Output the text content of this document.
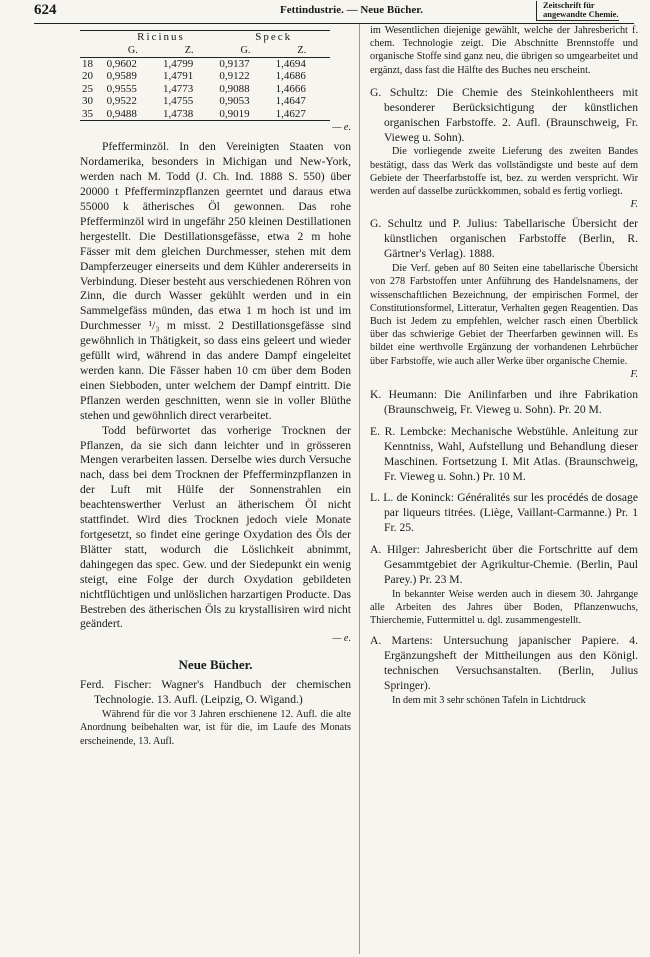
624	Fettindustrie. — Neue Bücher.	Zeitschrift für
angewandte Chemie.
	Ricinus		Speck	
	G.	Z.	G.	Z.
18	0,9602	1,4799	0,9137	1,4694
20	0,9589	1,4791	0,9122	1,4686
25	0,9555	1,4773	0,9088	1,4666
30	0,9522	1,4755	0,9053	1,4647
35	0,9488	1,4738	0,9019	1,4627

— e.

Pfefferminzöl. In den Vereinigten Staaten von Nordamerika, besonders in Michigan und New-York, werden nach M. Todd (J. Ch. Ind. 1888 S. 550) über 20000 t Pfefferminzpflanzen geerntet und daraus etwa 55000 k ätherisches Öl gewonnen. Das rohe Pfefferminzöl wird in ungefähr 250 kleinen Destillationen hergestellt. Die Destillationsgefässe, etwa 2 m hohe Fässer mit dem gleichen Durchmesser, stehen mit dem Dampferzeuger einerseits und dem Kühler andererseits in Verbindung. Dieser besteht aus verschiedenen Röhren von Zinn, die durch Wasser gekühlt werden und in ein Sammelgefäss münden, das etwa 1 m hoch ist und im Durchmesser ¹/₃ m misst. 2 Destillationsgefässe sind gewöhnlich in Thätigkeit, so dass eins geleert und wieder gefüllt wird, während in das andere Dampf eingeleitet werden kann. Die Fässer haben 10 cm über dem Boden einen Siebboden, unter welchem der Dampf eintritt. Die Pflanzen werden geschnitten, wenn sie in voller Blüthe stehen und gewöhnlich direct verarbeitet.

Todd befürwortet das vorherige Trocknen der Pflanzen, da sie sich dann leichter und in grösseren Mengen verarbeiten lassen. Derselbe wies durch Versuche nach, dass bei dem Trocknen der Pfefferminzpflanzen in der Luft mit Hülfe der Sonnenstrahlen ein beachtenswerther Verlust an ätherischem Öl nicht stattfindet. Wird dies Trocknen jedoch viele Monate fortgesetzt, so findet eine geringe Oxydation des Öls der Blätter statt, wodurch die Löslichkeit abnimmt, dahingegen das spec. Gew. und der Siedepunkt ein wenig steigt, eine Folge der durch Oxydation gebildeten nichtflüchtigen und unlöslichen harzartigen Producte. Das Bestreben des ätherischen Öls zu krystallisiren wird nicht geändert.

— e.

Neue Bücher.

Ferd. Fischer: Wagner's Handbuch der chemischen Technologie. 13. Aufl. (Leipzig, O. Wigand.)

Während für die vor 3 Jahren erschienene 12. Aufl. die alte Anordnung beibehalten war, ist für die, im Laufe des Monats erscheinende, 13. Aufl.

im Wesentlichen diejenige gewählt, welche der Jahresbericht f. chem. Technologie zeigt. Die Abschnitte Brennstoffe und organische Stoffe sind ganz neu, die übrigen so umgearbeitet und ergänzt, dass fast die Hälfte des Buches neu erscheint.

G. Schultz: Die Chemie des Steinkohlentheers mit besonderer Berücksichtigung der künstlichen organischen Farbstoffe. 2. Aufl. (Braunschweig, Fr. Vieweg u. Sohn).

Die vorliegende zweite Lieferung des zweiten Bandes bestätigt, dass das Werk das vollständigste und beste auf dem Gebiete der Theerfarbstoffe ist, bez. zu werden verspricht. Wir werden auf dasselbe zurückkommen, sobald es fertig vorliegt.

F.

G. Schultz und P. Julius: Tabellarische Übersicht der künstlichen organischen Farbstoffe (Berlin, R. Gärtner's Verlag). 1888.

Die Verf. geben auf 80 Seiten eine tabellarische Übersicht von 278 Farbstoffen unter Anführung des Handelsnamens, der wissenschaftlichen Bezeichnung, der empirischen Formel, der Constitutionsformel, Litteratur, Verhalten gegen Reagentien. Das Buch ist Jedem zu empfehlen, welcher rasch einen Überblick über das schwierige Gebiet der Theerfarben gewinnen will. Es bildet eine werthvolle Ergänzung der vorhandenen Lehrbücher über Farbstoffe, wie auch aller Werke über organische Chemie.

F.

K. Heumann: Die Anilinfarben und ihre Fabrikation (Braunschweig, Fr. Vieweg u. Sohn). Pr. 20 M.

E. R. Lembcke: Mechanische Webstühle. Anleitung zur Kenntniss, Wahl, Aufstellung und Behandlung dieser Maschinen. Fortsetzung I. Mit Atlas. (Braunschweig, Fr. Vieweg u. Sohn.) Pr. 10 M.

L. L. de Koninck: Généralités sur les procédés de dosage par liqueurs titrées. (Liège, Vaillant-Carmanne.) Pr. 1 Fr. 25.

A. Hilger: Jahresbericht über die Fortschritte auf dem Gesammtgebiet der Agrikultur-Chemie. (Berlin, Paul Parey.) Pr. 23 M.

In bekannter Weise werden auch in diesem 30. Jahrgange alle Arbeiten des Jahres über Boden, Pflanzenwuchs, Thierchemie, Futtermittel u. dgl. zusammengestellt.

A. Martens: Untersuchung japanischer Papiere. 4. Ergänzungsheft der Mittheilungen aus den Königl. technischen Versuchsanstalten. (Berlin, Julius Springer).

In dem mit 3 sehr schönen Tafeln in Lichtdruck
